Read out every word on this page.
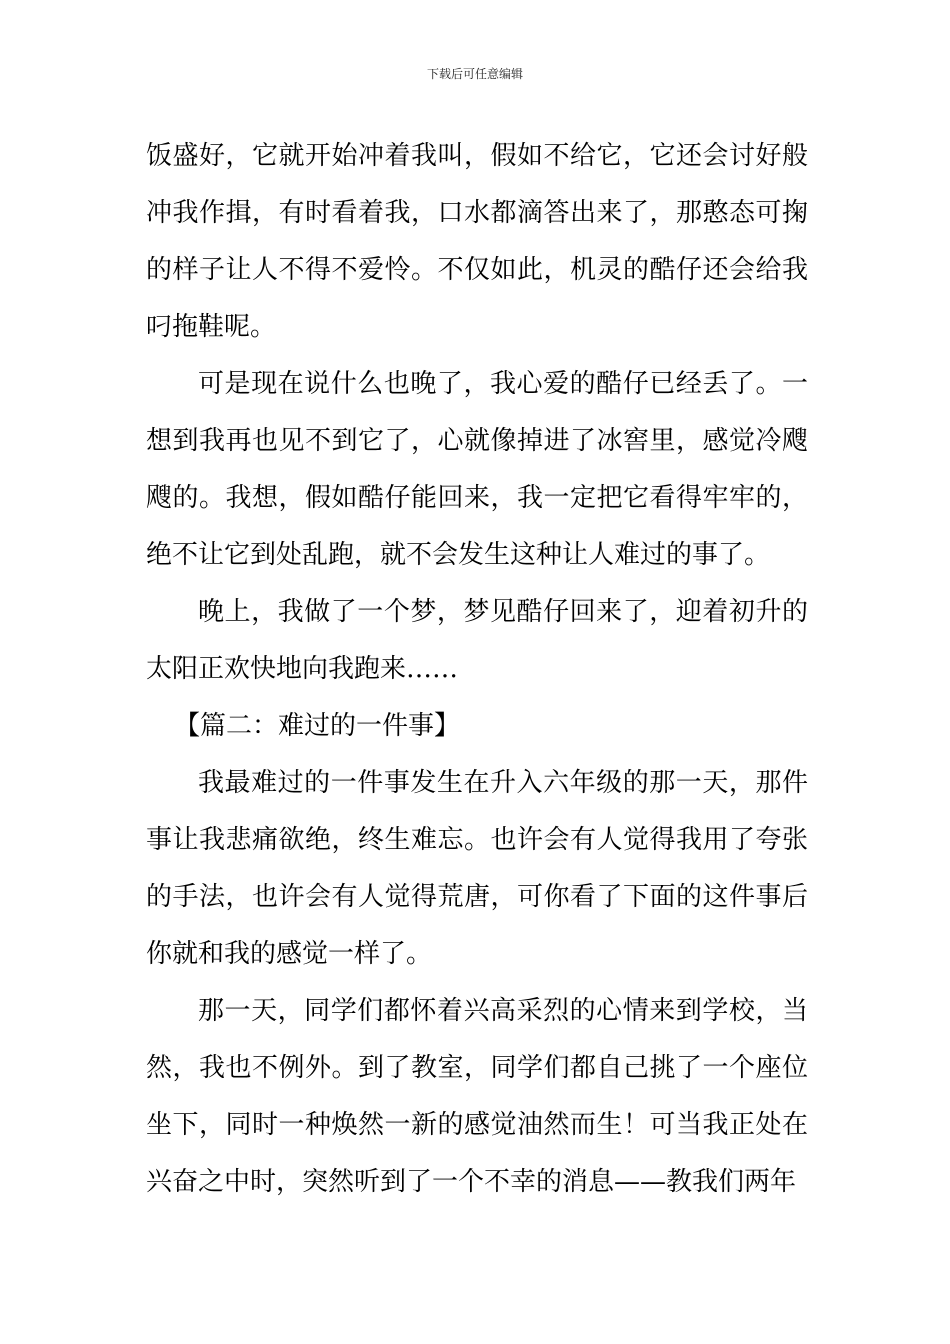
下载后可任意编辑

饭盛好，它就开始冲着我叫，假如不给它，它还会讨好般冲我作揖，有时看着我，口水都滴答出来了，那憨态可掬的样子让人不得不爱怜。不仅如此，机灵的酷仔还会给我叼拖鞋呢。

可是现在说什么也晚了，我心爱的酷仔已经丢了。一想到我再也见不到它了，心就像掉进了冰窖里，感觉冷飕飕的。我想，假如酷仔能回来，我一定把它看得牢牢的，绝不让它到处乱跑，就不会发生这种让人难过的事了。

晚上，我做了一个梦，梦见酷仔回来了，迎着初升的太阳正欢快地向我跑来……

【篇二：难过的一件事】

我最难过的一件事发生在升入六年级的那一天，那件事让我悲痛欲绝，终生难忘。也许会有人觉得我用了夸张的手法，也许会有人觉得荒唐，可你看了下面的这件事后你就和我的感觉一样了。

那一天，同学们都怀着兴高采烈的心情来到学校，当然，我也不例外。到了教室，同学们都自己挑了一个座位坐下，同时一种焕然一新的感觉油然而生！可当我正处在兴奋之中时，突然听到了一个不幸的消息——教我们两年
